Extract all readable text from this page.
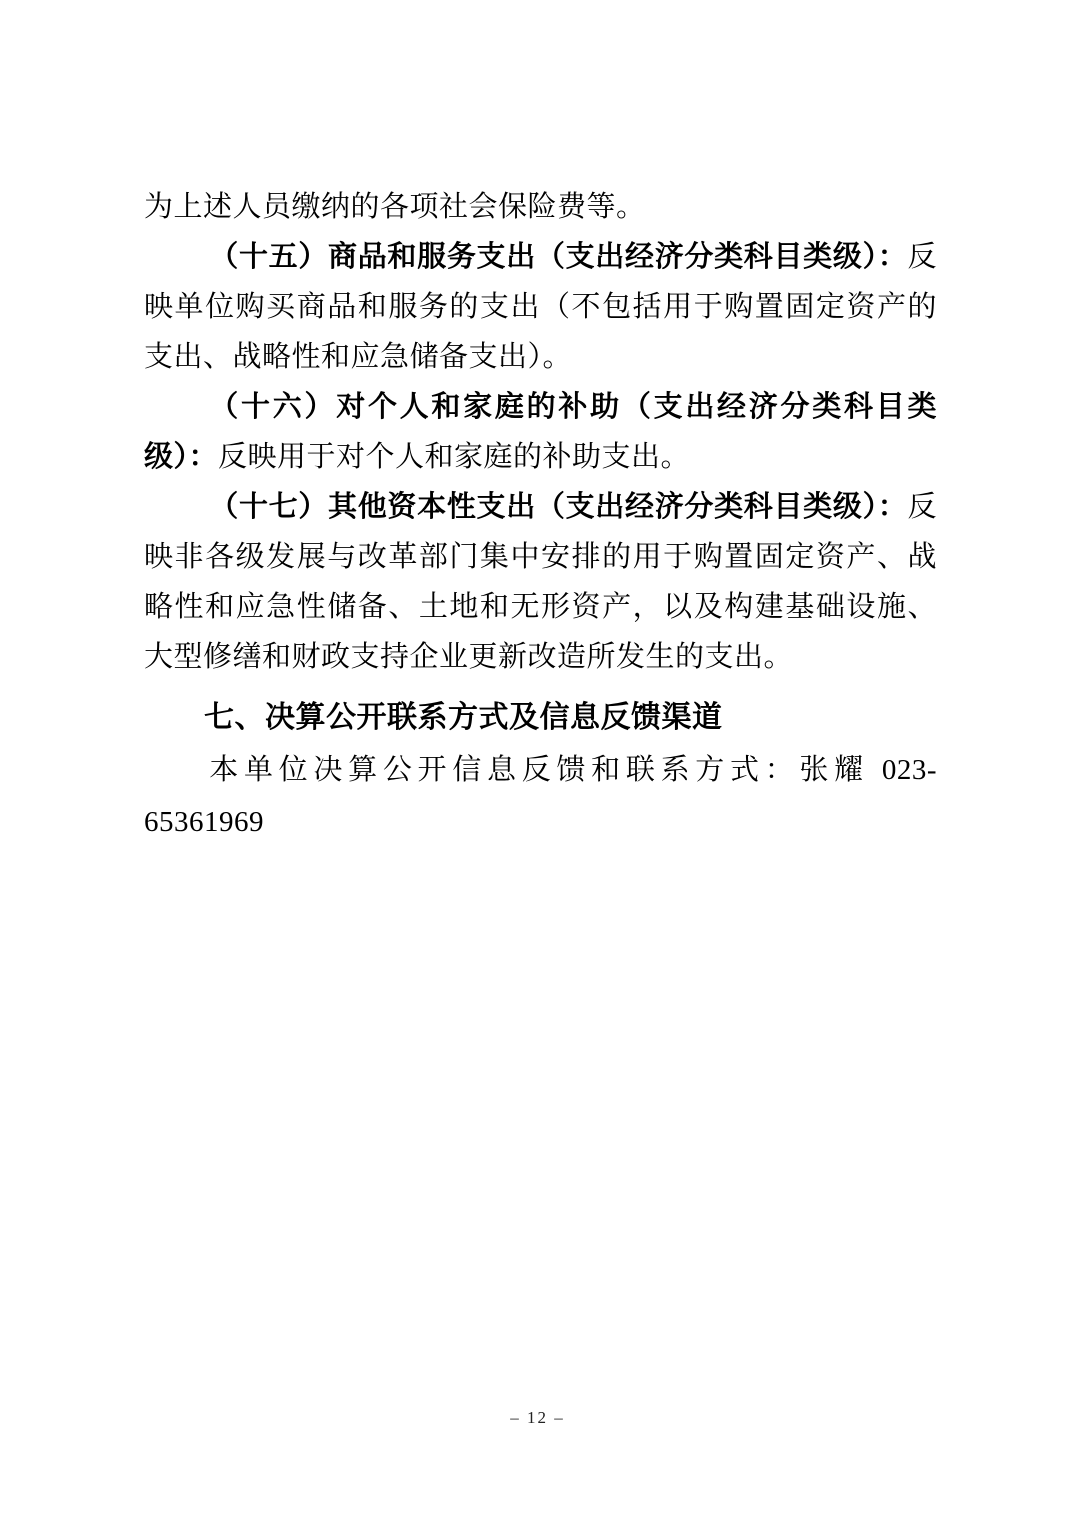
为上述人员缴纳的各项社会保险费等。

（十五）商品和服务支出（支出经济分类科目类级）：反映单位购买商品和服务的支出（不包括用于购置固定资产的支出、战略性和应急储备支出）。

（十六）对个人和家庭的补助（支出经济分类科目类级）：反映用于对个人和家庭的补助支出。

（十七）其他资本性支出（支出经济分类科目类级）：反映非各级发展与改革部门集中安排的用于购置固定资产、战略性和应急性储备、土地和无形资产，以及构建基础设施、大型修缮和财政支持企业更新改造所发生的支出。

七、决算公开联系方式及信息反馈渠道

本单位决算公开信息反馈和联系方式：张耀 023-65361969

– 12 –
